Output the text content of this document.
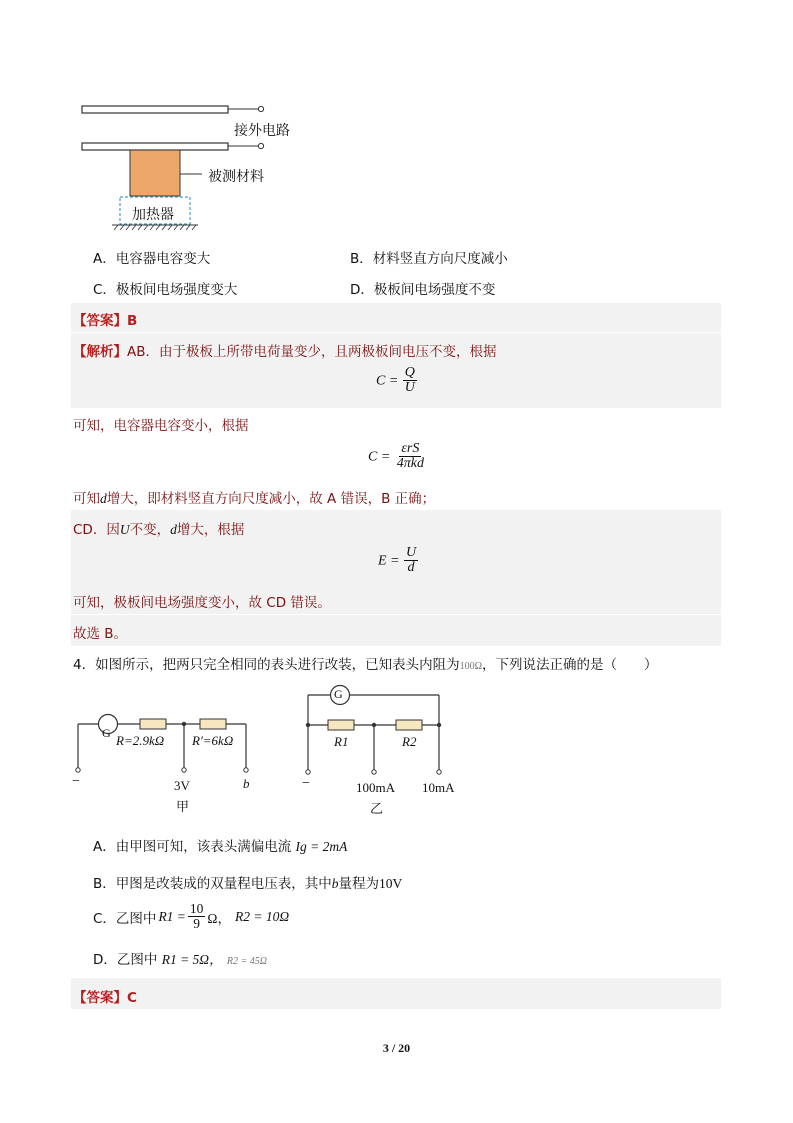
接外电路
被测材料
加热器
A．电容器电容变大	B．材料竖直方向尺度减小
C．极板间电场强度变大	D．极板间电场强度不变
【答案】B
【解析】AB．由于极板上所带电荷量变少，且两极板间电压不变，根据
$C = \frac{Q}{U}$
可知，电容器电容变小，根据
$C = \frac{\text{εrS}}{\text{4πkd}}$
可知d增大，即材料竖直方向尺度减小，故 A 错误，B 正确；
CD．因U不变，d增大，根据
$E = \frac{U}{d}$
可知，极板间电场强度变小，故 CD 错误。
故选 B。
4．如图所示，把两只完全相同的表头进行改装，已知表头内阻为100Ω，下列说法正确的是（　　）
G R=2.9kΩ R′=6kΩ
−	3V	b
甲
G
R1	R2
−	100mA 10mA
乙
A．由甲图可知，该表头满偏电流 Ig = 2mA
B．甲图是改装成的双量程电压表，其中b量程为10V
C．乙图中 $R1 = \frac{10}{9}$ Ω， R2 = 10Ω
D．乙图中 R1 = 5Ω， R2 = 45Ω
【答案】C
3 / 20
